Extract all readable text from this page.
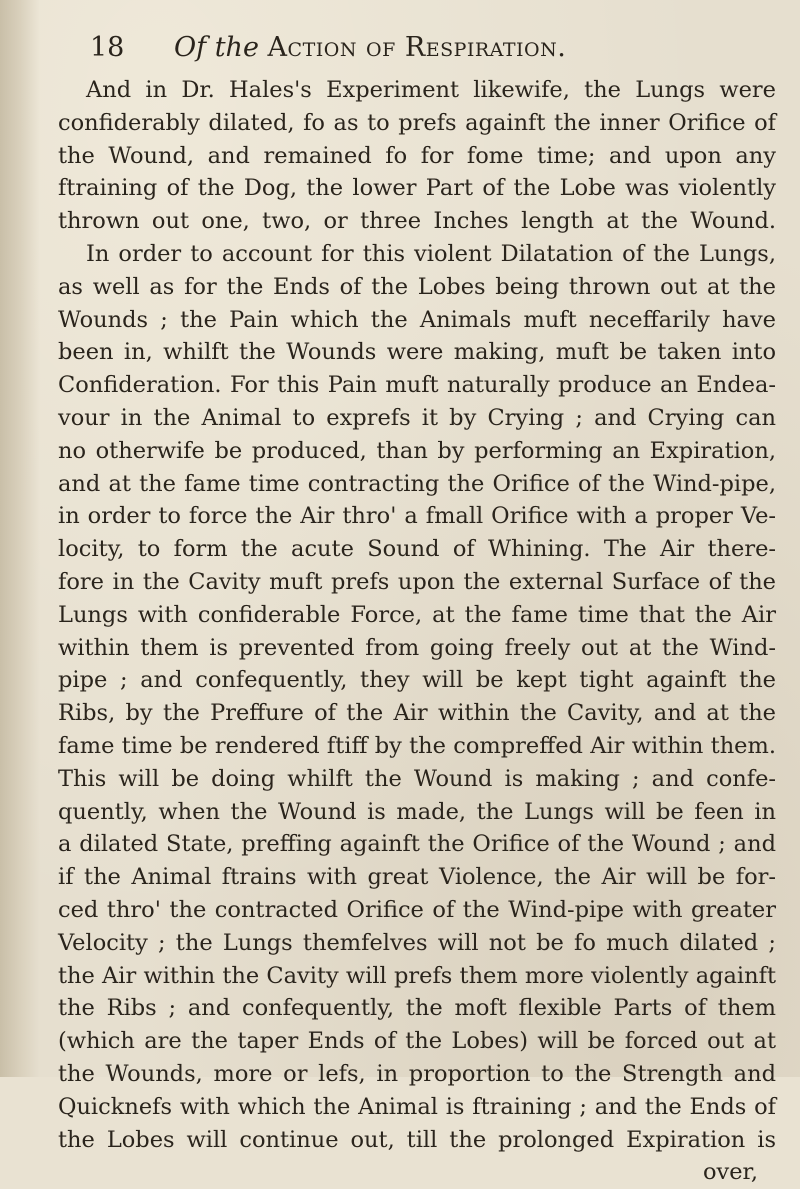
18 Of the Action of Respiration.
And in Dr. Hales's Experiment likewife, the Lungs were
confiderably dilated, fo as to prefs againft the inner Orifice of
the Wound, and remained fo for fome time; and upon any
ftraining of the Dog, the lower Part of the Lobe was violently
thrown out one, two, or three Inches length at the Wound.
In order to account for this violent Dilatation of the Lungs,
as well as for the Ends of the Lobes being thrown out at the
Wounds ; the Pain which the Animals muft neceffarily have
been in, whilft the Wounds were making, muft be taken into
Confideration. For this Pain muft naturally produce an Endea-
vour in the Animal to exprefs it by Crying ; and Crying can
no otherwife be produced, than by performing an Expiration,
and at the fame time contracting the Orifice of the Wind-pipe,
in order to force the Air thro' a fmall Orifice with a proper Ve-
locity, to form the acute Sound of Whining. The Air there-
fore in the Cavity muft prefs upon the external Surface of the
Lungs with confiderable Force, at the fame time that the Air
within them is prevented from going freely out at the Wind-
pipe ; and confequently, they will be kept tight againft the
Ribs, by the Preffure of the Air within the Cavity, and at the
fame time be rendered ftiff by the compreffed Air within them.
This will be doing whilft the Wound is making ; and confe-
quently, when the Wound is made, the Lungs will be feen in
a dilated State, preffing againft the Orifice of the Wound ; and
if the Animal ftrains with great Violence, the Air will be for-
ced thro' the contracted Orifice of the Wind-pipe with greater
Velocity ; the Lungs themfelves will not be fo much dilated ;
the Air within the Cavity will prefs them more violently againft
the Ribs ; and confequently, the moft flexible Parts of them
(which are the taper Ends of the Lobes) will be forced out at
the Wounds, more or lefs, in proportion to the Strength and
Quicknefs with which the Animal is ftraining ; and the Ends of
the Lobes will continue out, till the prolonged Expiration is
over,
